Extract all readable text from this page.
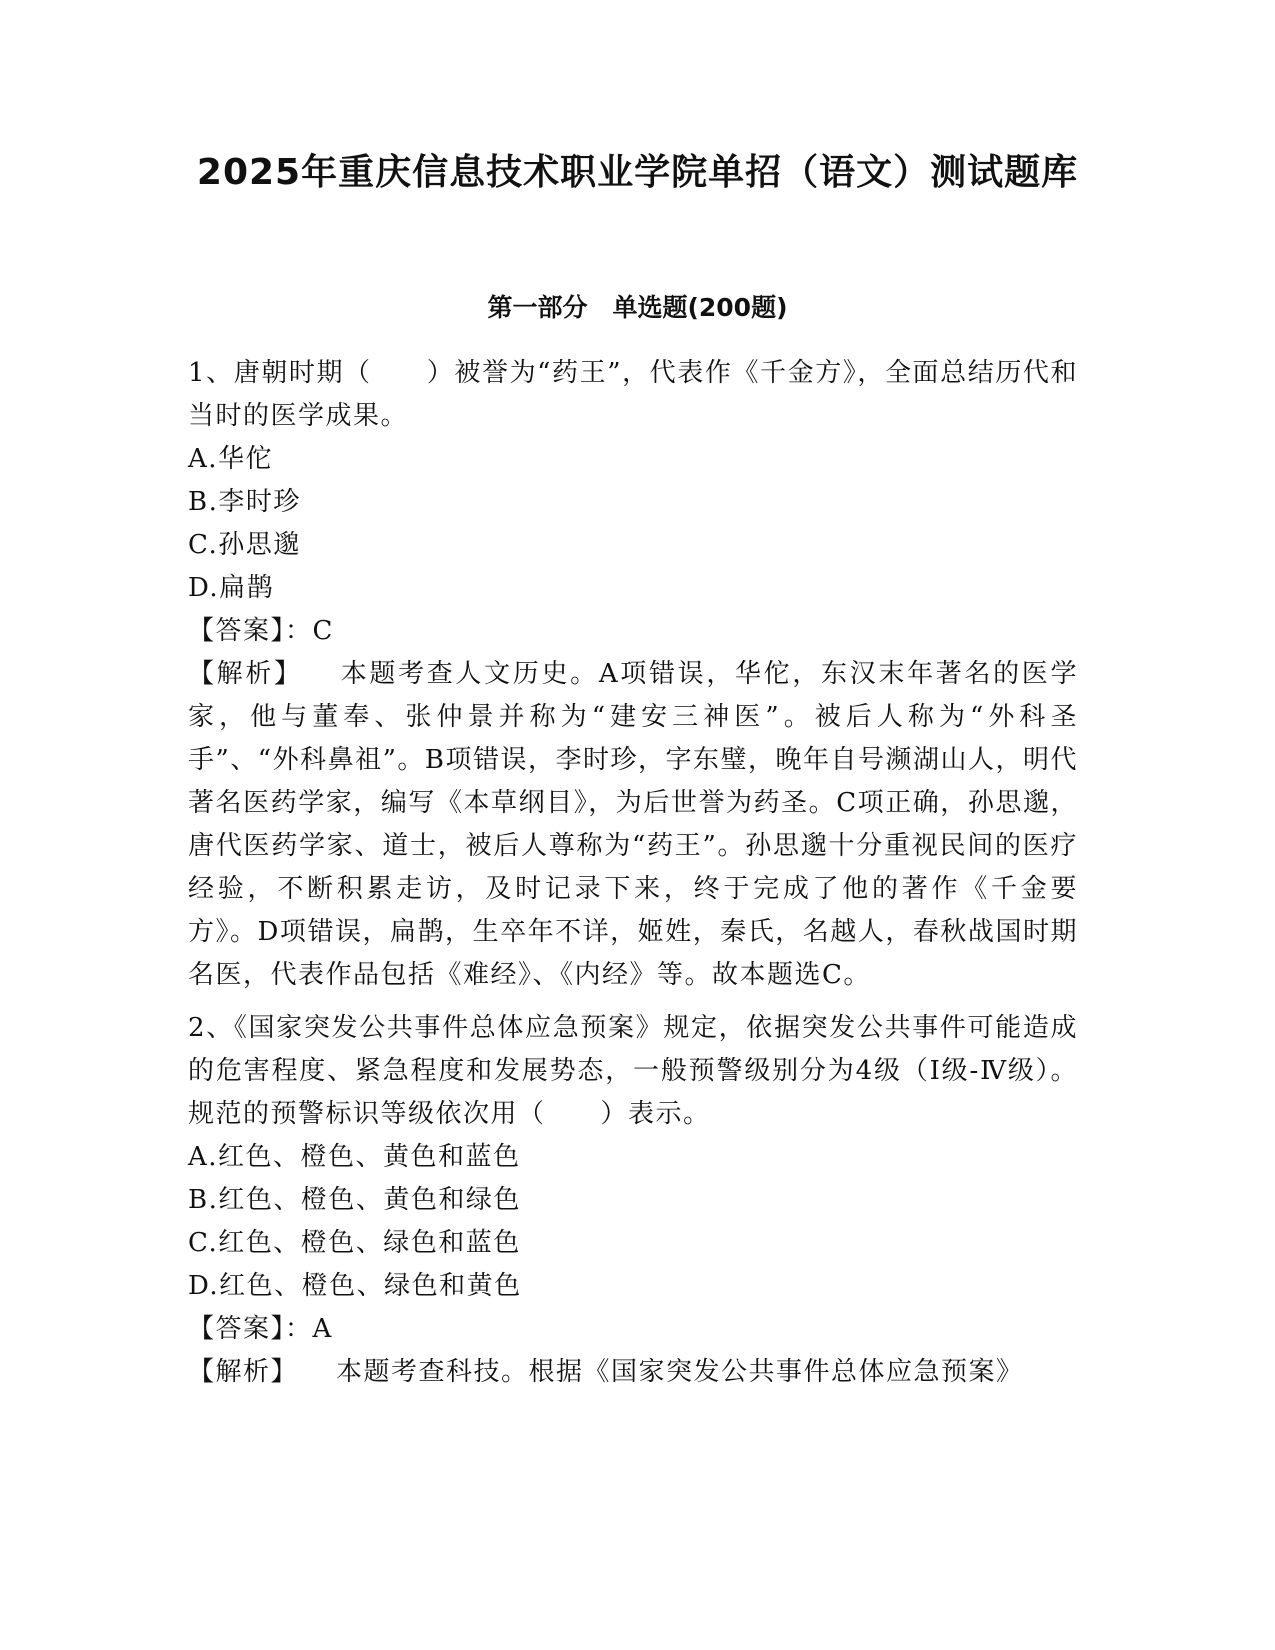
2025年重庆信息技术职业学院单招（语文）测试题库
第一部分　单选题(200题)
1、唐朝时期（　　）被誉为“药王”，代表作《千金方》，全面总结历代和当时的医学成果。
A.华佗
B.李时珍
C.孙思邈
D.扁鹊
【答案】：C
【解析】 本题考查人文历史。A项错误，华佗，东汉末年著名的医学家，他与董奉、张仲景并称为“建安三神医”。被后人称为“外科圣手”、“外科鼻祖”。B项错误，李时珍，字东璧，晚年自号濒湖山人，明代著名医药学家，编写《本草纲目》，为后世誉为药圣。C项正确，孙思邈，唐代医药学家、道士，被后人尊称为“药王”。孙思邈十分重视民间的医疗经验，不断积累走访，及时记录下来，终于完成了他的著作《千金要方》。D项错误，扁鹊，生卒年不详，姬姓，秦氏，名越人，春秋战国时期名医，代表作品包括《难经》、《内经》等。故本题选C。
2、《国家突发公共事件总体应急预案》规定，依据突发公共事件可能造成的危害程度、紧急程度和发展势态，一般预警级别分为4级（Ⅰ级-Ⅳ级）。规范的预警标识等级依次用（　　）表示。
A.红色、橙色、黄色和蓝色
B.红色、橙色、黄色和绿色
C.红色、橙色、绿色和蓝色
D.红色、橙色、绿色和黄色
【答案】：A
【解析】 本题考查科技。根据《国家突发公共事件总体应急预案》
